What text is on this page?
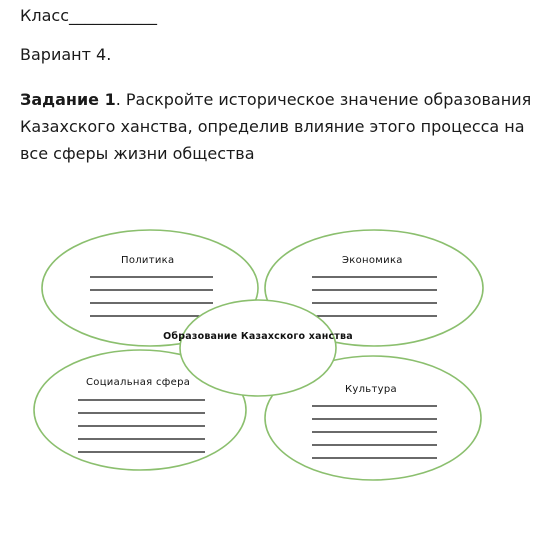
Класс___________
Вариант 4.
Задание 1. Раскройте историческое значение образования Казахского ханства, определив влияние этого процесса на все сферы жизни общества
Политика	Экономика
Социальная сфера
Культура
Образование Казахского ханства
